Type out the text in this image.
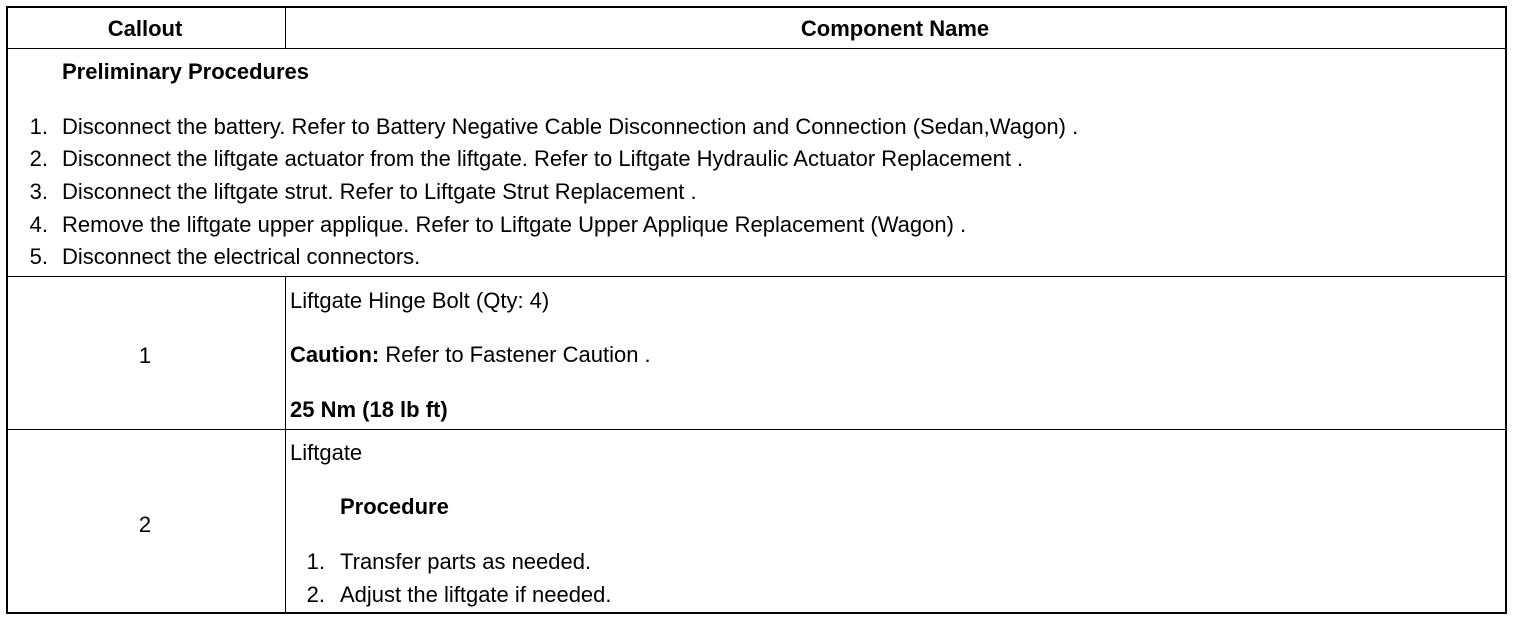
Callout	Component Name
Preliminary Procedures
1. Disconnect the battery. Refer to Battery Negative Cable Disconnection and Connection (Sedan,Wagon) .
2. Disconnect the liftgate actuator from the liftgate. Refer to Liftgate Hydraulic Actuator Replacement .
3. Disconnect the liftgate strut. Refer to Liftgate Strut Replacement .
4. Remove the liftgate upper applique. Refer to Liftgate Upper Applique Replacement (Wagon) .
5. Disconnect the electrical connectors.
1
Liftgate Hinge Bolt (Qty: 4)
Caution: Refer to Fastener Caution .
25 Nm (18 lb ft)
2
Liftgate
Procedure
1. Transfer parts as needed.
2. Adjust the liftgate if needed.
